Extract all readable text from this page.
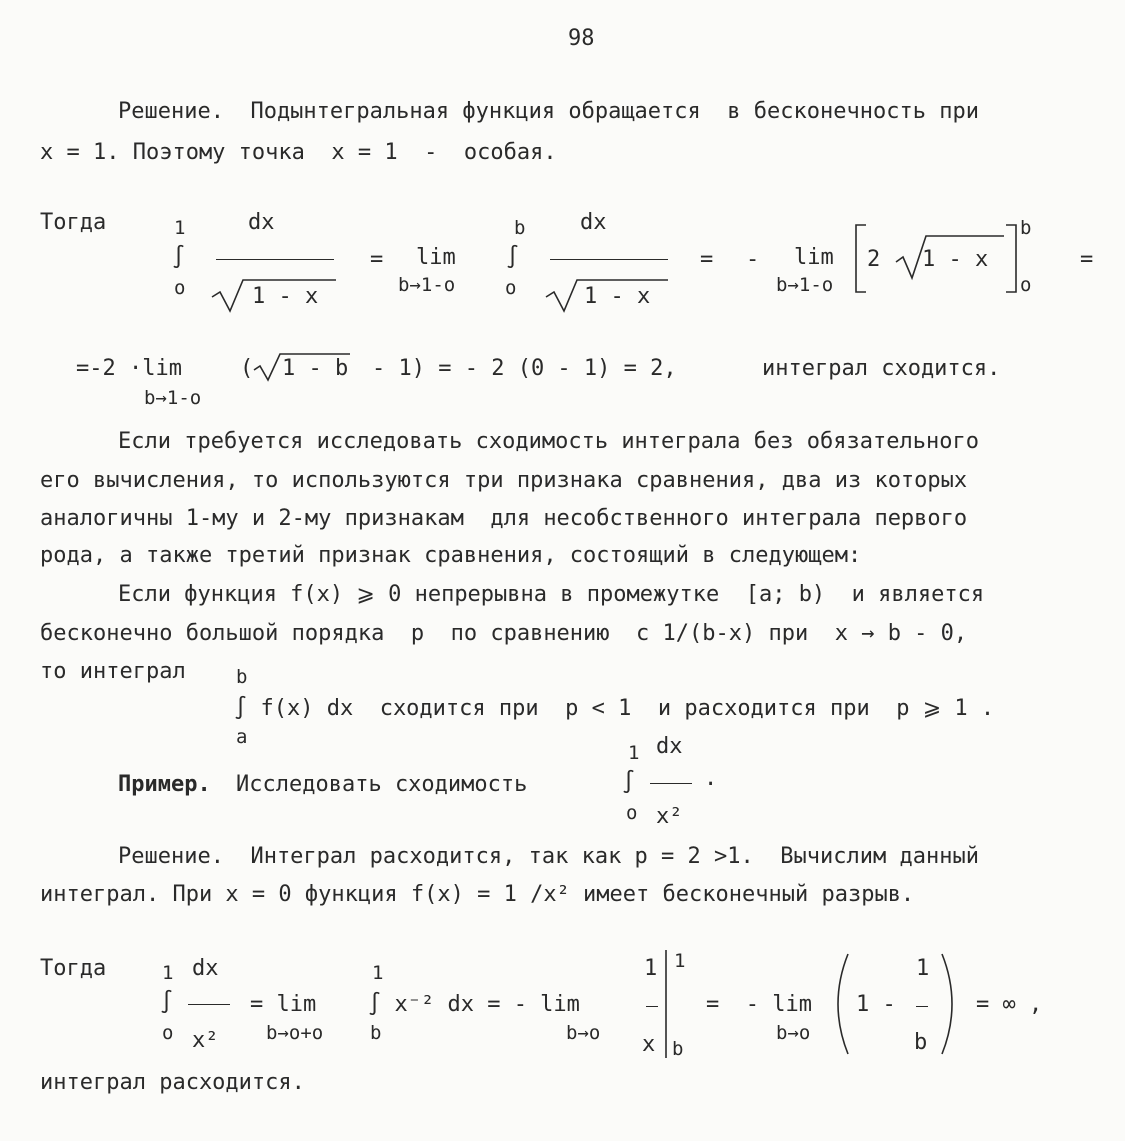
98
Решение.  Подынтегральная функция обращается  в бесконечность при
x = 1. Поэтому точка  x = 1  -  особая.
Тогда	1
∫
o
dx
1 - x
= lim
b→1-o
b
∫
o
dx
1 - x
= - lim
b→1-o
2 1 - x
b
o
=
=-2 ·lim
b→1-o
( 1 - b - 1) = - 2 (0 - 1) = 2,	интеграл сходится.
Если требуется исследовать сходимость интеграла без обязательного
его вычисления, то используются три признака сравнения, два из которых
аналогичны 1-му и 2-му признакам  для несобственного интеграла первого
рода, а также третий признак сравнения, состоящий в следующем:
Если функция f(x) ⩾ 0 непрерывна в промежутке  [a; b)  и является
бесконечно большой порядка  p  по сравнению  с 1/(b-x) при  x → b - 0,
то интеграл	b
∫ f(x) dx  сходится при  p < 1  и расходится при  p ⩾ 1 .
a
Пример. Исследовать сходимость
1 dx
∫	.
o x²
Решение.  Интеграл расходится, так как p = 2 >1.  Вычислим данный
интеграл. При x = 0 функция f(x) = 1 /x² имеет бесконечный разрыв.
Тогда	1 dx
∫
o x²
= lim
b→o+o
1
∫ x⁻² dx = - lim
b	b→o
1
x
1
b
=  - lim
b→o
1 -
1
b
= ∞ ,
интеграл расходится.
